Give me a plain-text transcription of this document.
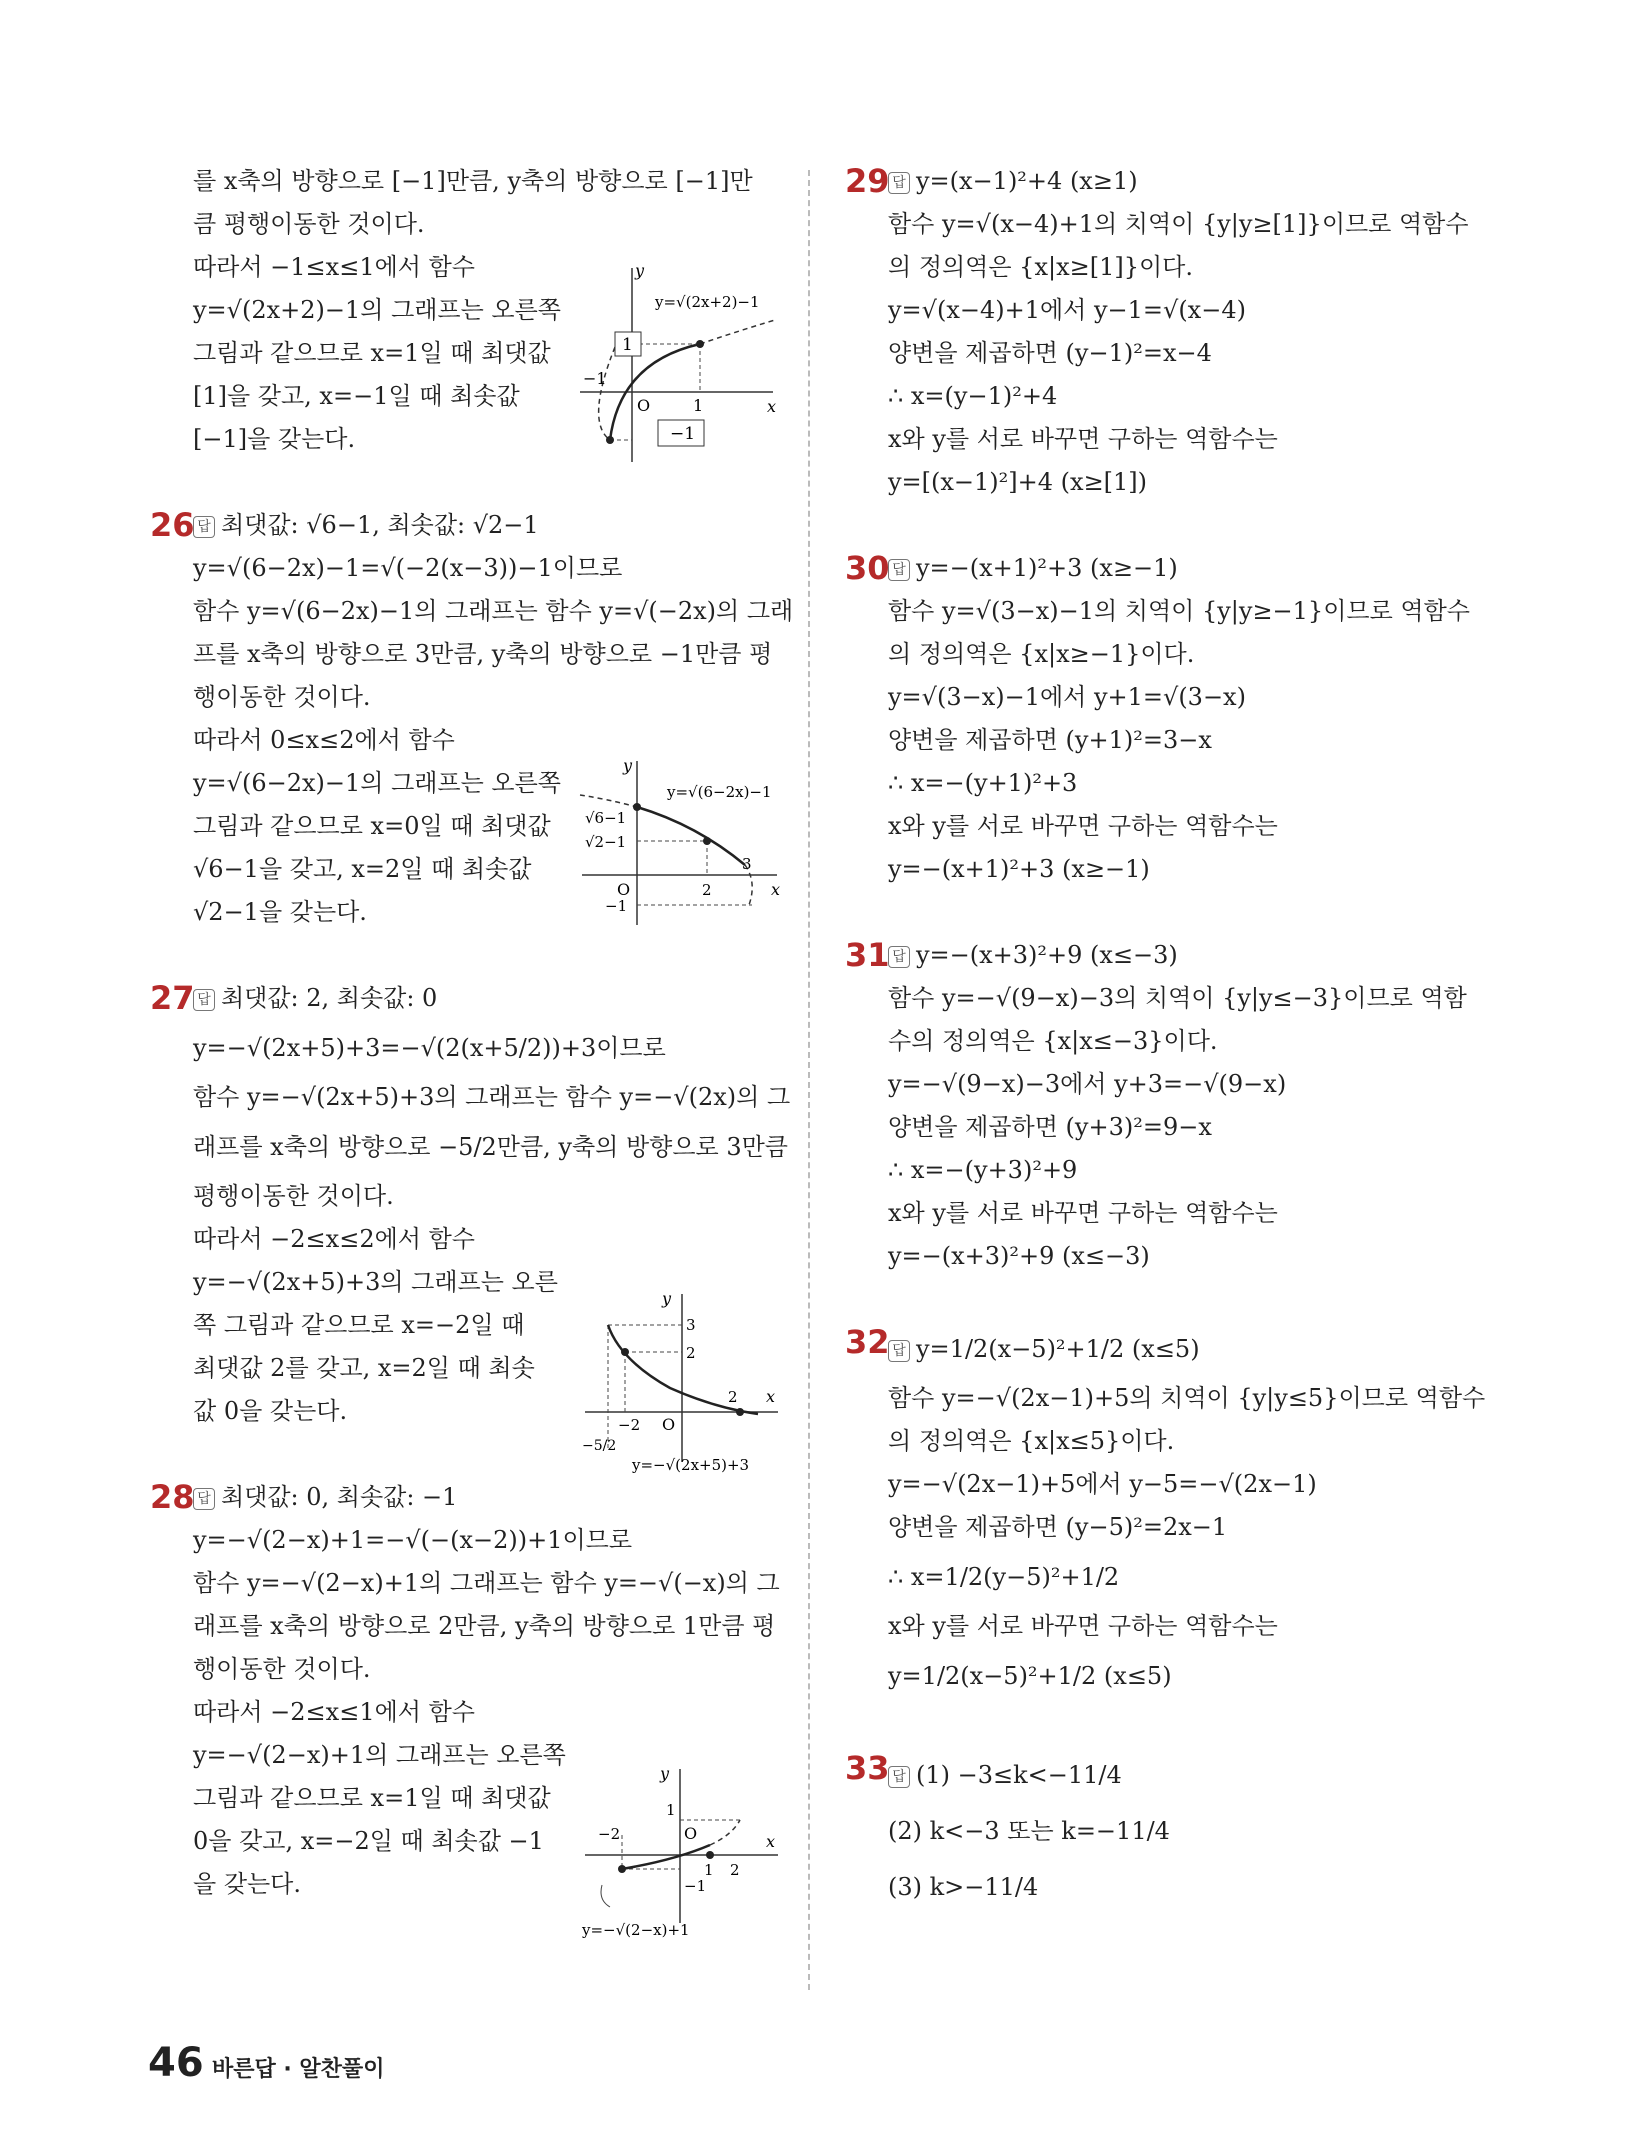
를 x축의 방향으로 [−1]만큼, y축의 방향으로 [−1]만
큼 평행이동한 것이다.
따라서 −1≤x≤1에서 함수
y=√(2x+2)−1의 그래프는 오른쪽
그림과 같으므로 x=1일 때 최댓값
[1]을 갖고, x=−1일 때 최솟값
[−1]을 갖는다.
26 답 최댓값: √6−1, 최솟값: √2−1
y=√(6−2x)−1=√(−2(x−3))−1이므로
함수 y=√(6−2x)−1의 그래프는 함수 y=√(−2x)의 그래
프를 x축의 방향으로 3만큼, y축의 방향으로 −1만큼 평
행이동한 것이다.
따라서 0≤x≤2에서 함수
y=√(6−2x)−1의 그래프는 오른쪽
그림과 같으므로 x=0일 때 최댓값
√6−1을 갖고, x=2일 때 최솟값
√2−1을 갖는다.
27 답 최댓값: 2, 최솟값: 0
y=−√(2x+5)+3=−√(2(x+5/2))+3이므로
함수 y=−√(2x+5)+3의 그래프는 함수 y=−√(2x)의 그
래프를 x축의 방향으로 −5/2만큼, y축의 방향으로 3만큼
평행이동한 것이다.
따라서 −2≤x≤2에서 함수
y=−√(2x+5)+3의 그래프는 오른
쪽 그림과 같으므로 x=−2일 때
최댓값 2를 갖고, x=2일 때 최솟
값 0을 갖는다.
28 답 최댓값: 0, 최솟값: −1
y=−√(2−x)+1=−√(−(x−2))+1이므로
함수 y=−√(2−x)+1의 그래프는 함수 y=−√(−x)의 그
래프를 x축의 방향으로 2만큼, y축의 방향으로 1만큼 평
행이동한 것이다.
따라서 −2≤x≤1에서 함수
y=−√(2−x)+1의 그래프는 오른쪽
그림과 같으므로 x=1일 때 최댓값
0을 갖고, x=−2일 때 최솟값 −1
을 갖는다.
29 답 y=(x−1)²+4 (x≥1)
함수 y=√(x−4)+1의 치역이 {y|y≥[1]}이므로 역함수
의 정의역은 {x|x≥[1]}이다.
y=√(x−4)+1에서 y−1=√(x−4)
양변을 제곱하면 (y−1)²=x−4
∴ x=(y−1)²+4
x와 y를 서로 바꾸면 구하는 역함수는
y=[(x−1)²]+4 (x≥[1])
30 답 y=−(x+1)²+3 (x≥−1)
함수 y=√(3−x)−1의 치역이 {y|y≥−1}이므로 역함수
의 정의역은 {x|x≥−1}이다.
y=√(3−x)−1에서 y+1=√(3−x)
양변을 제곱하면 (y+1)²=3−x
∴ x=−(y+1)²+3
x와 y를 서로 바꾸면 구하는 역함수는
y=−(x+1)²+3 (x≥−1)
31 답 y=−(x+3)²+9 (x≤−3)
함수 y=−√(9−x)−3의 치역이 {y|y≤−3}이므로 역함
수의 정의역은 {x|x≤−3}이다.
y=−√(9−x)−3에서 y+3=−√(9−x)
양변을 제곱하면 (y+3)²=9−x
∴ x=−(y+3)²+9
x와 y를 서로 바꾸면 구하는 역함수는
y=−(x+3)²+9 (x≤−3)
32 답 y=1/2(x−5)²+1/2 (x≤5)
함수 y=−√(2x−1)+5의 치역이 {y|y≤5}이므로 역함수
의 정의역은 {x|x≤5}이다.
y=−√(2x−1)+5에서 y−5=−√(2x−1)
양변을 제곱하면 (y−5)²=2x−1
∴ x=1/2(y−5)²+1/2
x와 y를 서로 바꾸면 구하는 역함수는
y=1/2(x−5)²+1/2 (x≤5)
33 답 (1) −3≤k<−11/4
(2) k<−3 또는 k=−11/4
(3) k>−11/4
y
x
y=√(2x+2)−1
1
−1
−1
O	1
y
x
y=√(6−2x)−1
√6−1
√2−1
O	2
3
−1
y
x
3
2
−2 O
2
−5/2
y=−√(2x+5)+3
y
x
1
−2	O
1 2
−1
y=−√(2−x)+1
46 바른답 · 알찬풀이
